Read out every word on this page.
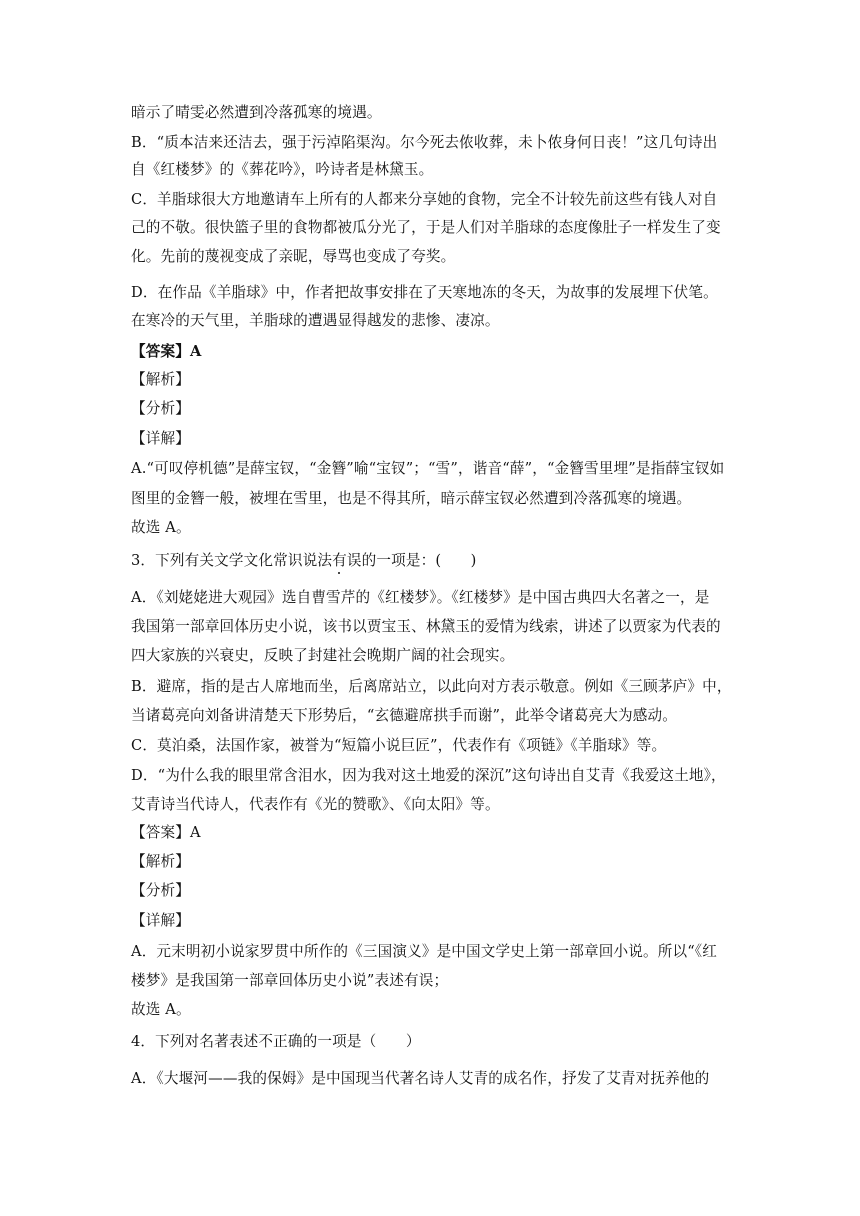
暗示了晴雯必然遭到冷落孤寒的境遇。
B．“质本洁来还洁去，强于污淖陷渠沟。尔今死去侬收葬，未卜侬身何日丧！”这几句诗出
自《红楼梦》的《葬花吟》，吟诗者是林黛玉。
C．羊脂球很大方地邀请车上所有的人都来分享她的食物，完全不计较先前这些有钱人对自
己的不敬。很快篮子里的食物都被瓜分光了，于是人们对羊脂球的态度像肚子一样发生了变
化。先前的蔑视变成了亲昵，辱骂也变成了夸奖。
D．在作品《羊脂球》中，作者把故事安排在了天寒地冻的冬天，为故事的发展埋下伏笔。
在寒冷的天气里，羊脂球的遭遇显得越发的悲惨、凄凉。
【答案】A
【解析】
【分析】
【详解】
A.“可叹停机德”是薛宝钗，“金簪”喻“宝钗”；“雪”，谐音“薛”，“金簪雪里埋”是指薛宝钗如
图里的金簪一般，被埋在雪里，也是不得其所，暗示薛宝钗必然遭到冷落孤寒的境遇。
故选 A。
3．下列有关文学文化常识说法有误的一项是：(　　)
A．《刘姥姥进大观园》选自曹雪芹的《红楼梦》。《红楼梦》是中国古典四大名著之一，是
我国第一部章回体历史小说，该书以贾宝玉、林黛玉的爱情为线索，讲述了以贾家为代表的
四大家族的兴衰史，反映了封建社会晚期广阔的社会现实。
B．避席，指的是古人席地而坐，后离席站立，以此向对方表示敬意。例如《三顾茅庐》中，
当诸葛亮向刘备讲清楚天下形势后，“玄德避席拱手而谢”，此举令诸葛亮大为感动。
C．莫泊桑，法国作家，被誉为“短篇小说巨匠”，代表作有《项链》《羊脂球》等。
D．“为什么我的眼里常含泪水，因为我对这土地爱的深沉”这句诗出自艾青《我爱这土地》，
艾青诗当代诗人，代表作有《光的赞歌》、《向太阳》等。
【答案】A
【解析】
【分析】
【详解】
A．元末明初小说家罗贯中所作的《三国演义》是中国文学史上第一部章回小说。所以“《红
楼梦》是我国第一部章回体历史小说”表述有误；
故选 A。
4．下列对名著表述不正确的一项是（　　）
A．《大堰河——我的保姆》是中国现当代著名诗人艾青的成名作，抒发了艾青对抚养他的
